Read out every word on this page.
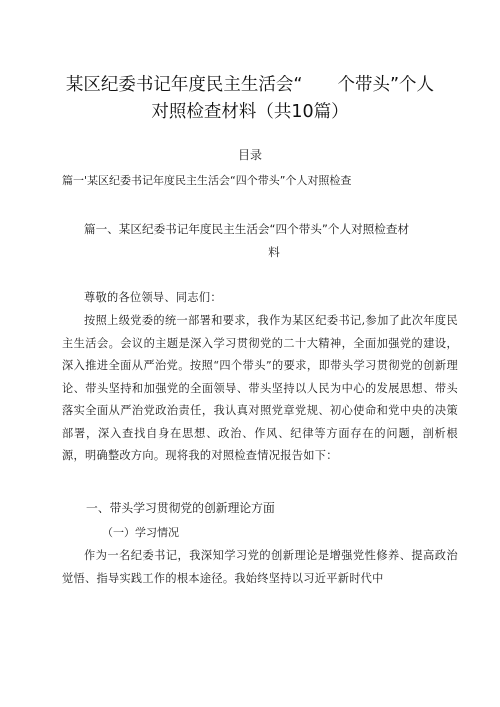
某区纪委书记年度民主生活会“　　个带头”个人

对照检查材料（共10篇）

目录

篇一'某区纪委书记年度民主生活会“四个带头”个人对照检查

篇一、某区纪委书记年度民主生活会“四个带头”个人对照检查材
料

尊敬的各位领导、同志们：

按照上级党委的统一部署和要求，我作为某区纪委书记,参加了此次年度民主生活会。会议的主题是深入学习贯彻党的二十大精神，全面加强党的建设，深入推进全面从严治党。按照“四个带头”的要求，即带头学习贯彻党的创新理论、带头坚持和加强党的全面领导、带头坚持以人民为中心的发展思想、带头落实全面从严治党政治责任，我认真对照党章党规、初心使命和党中央的决策部署，深入查找自身在思想、政治、作风、纪律等方面存在的问题，剖析根源，明确整改方向。现将我的对照检查情况报告如下：

一、带头学习贯彻党的创新理论方面

（一）学习情况

作为一名纪委书记，我深知学习党的创新理论是增强党性修养、提高政治觉悟、指导实践工作的根本途径。我始终坚持以习近平新时代中
